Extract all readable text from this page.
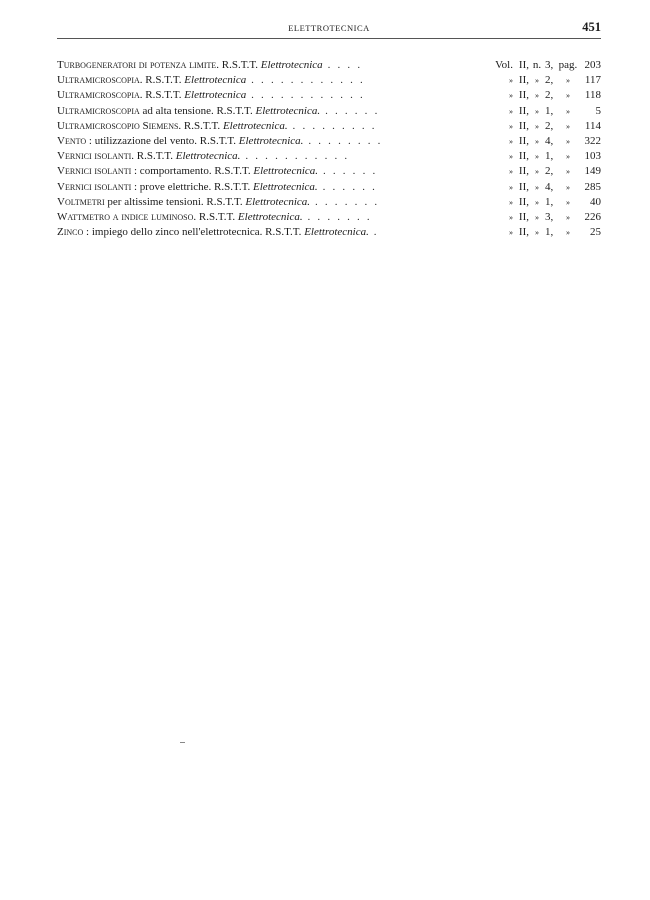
ELETTROTECNICA	451
Turbogeneratori di potenza limite. R.S.T.T. Elettrotecnica . . . .	Vol. II, n. 3, pag. 203
Ultramicroscopia. R.S.T.T. Elettrotecnica . . . . . . . . . . . .	» II, » 2,	»	117
Ultramicroscopia. R.S.T.T. Elettrotecnica . . . . . . . . . . . .	» II, » 2,	»	118
Ultramicroscopia ad alta tensione. R.S.T.T. Elettrotecnica. . . . . . .	» II, » 1,	»	5
Ultramicroscopio Siemens. R.S.T.T. Elettrotecnica. . . . . . . . . .	» II, » 2,	»	114
Vento : utilizzazione del vento. R.S.T.T. Elettrotecnica. . . . . . . . .	» II, » 4,	»	322
Vernici isolanti. R.S.T.T. Elettrotecnica. . . . . . . . . . . .	» II, » 1,	»	103
Vernici isolanti : comportamento. R.S.T.T. Elettrotecnica. . . . . . .	» II, » 2,	»	149
Vernici isolanti : prove elettriche. R.S.T.T. Elettrotecnica. . . . . . .	» II, » 4,	»	285
Voltmetri per altissime tensioni. R.S.T.T. Elettrotecnica. . . . . . . .	» II, » 1,	»	40
Wattmetro a indice luminoso. R.S.T.T. Elettrotecnica. . . . . . . .	» II, » 3,	»	226
Zinco : impiego dello zinco nell'elettrotecnica. R.S.T.T. Elettrotecnica. .	» II, » 1,	»	25
